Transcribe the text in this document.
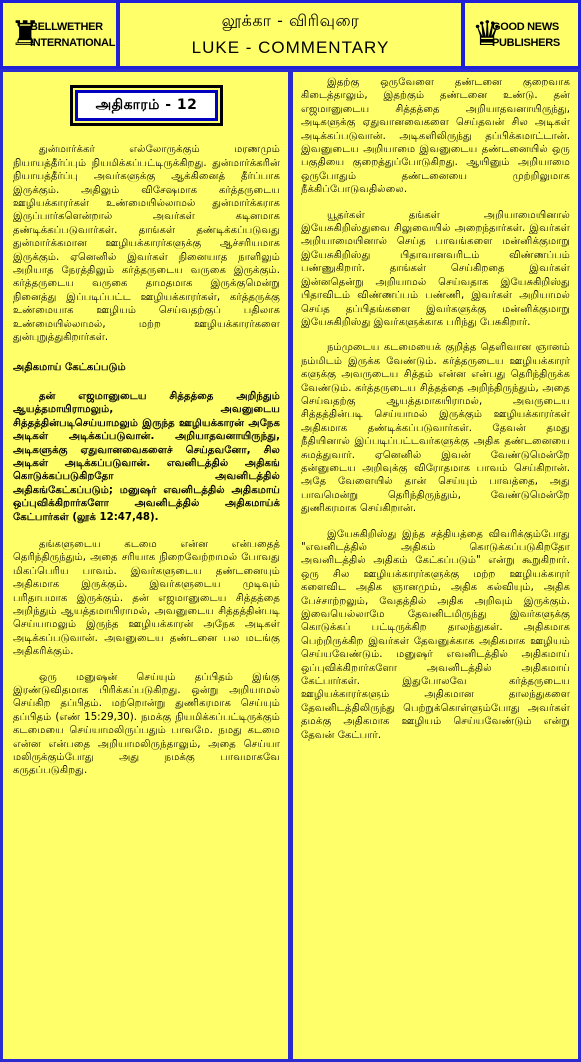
♜
BELLWETHER
INTERNATIONAL
லூக்கா - விரிவுரை
LUKE - COMMENTARY	♛
GOOD NEWS
PUBLISHERS
அதிகாரம் - 12

துன்மார்க்கர் எல்லோருக்கும் மரணமும் நியாயத்தீர்ப்பும் நியமிக்கப்பட்டிருக்கிறது. துன்மார்க்கரின் நியாயத்தீர்ப்பு அவர்களுக்கு ஆக்கினைத் தீர்ப்பாக இருக்கும். அதிலும் விசேஷமாக கர்த்தருடைய ஊழியக்காரர்கள் உண்மையில்லாமல் துன்மார்க்கராக இருப்பார்களென்றால் அவர்கள் கடினமாக தண்டிக்கப்படுவார்கள். தாங்கள் தண்டிக்கப்படுவது துன்மார்க்கமான ஊழியக்காரர்களுக்கு ஆச்சரியமாக இருக்கும். ஏனெனில் இவர்கள் நினையாத நாளிலும் அறியாத நேரத்திலும் கர்த்தருடைய வருகை இருக்கும். கர்த்தருடைய வருகை தாமதமாக இருக்குமென்று நினைத்து இப்படிப்பட்ட ஊழியக்காரர்கள், கர்த்தருக்கு உண்மையாக ஊழியம் செய்வதற்குப் பதிலாக உண்மையில்லாமல், மற்ற ஊழியக்காரர்களை துன்புறுத்துகிறார்கள்.

அதிகமாய் கேட்கப்படும்

தன் எஜமானுடைய சித்தத்தை அறிந்தும் ஆயத்தமாயிராமலும், அவனுடைய சித்தத்தின்படிசெய்யாமலும் இருந்த ஊழியக்காரன் அநேக அடிகள் அடிக்கப்படுவான். அறியாதவனாயிருந்து, அடிகளுக்கு ஏதுவானவைகளைச் செய்தவனோ, சில அடிகள் அடிக்கப்படுவான். எவனிடத்தில் அதிகங் கொடுக்கப்படுகிறதோ அவனிடத்தில் அதிகங்கேட்கப்படும்; மனுஷர் எவனிடத்தில் அதிகமாய் ஒப்புவிக்கிறார்களோ அவனிடத்தில் அதிகமாய்க் கேட்பார்கள் (லூக் 12:47,48).

தங்களுடைய கடமை என்ன என்பதைத் தெரிந்திருந்தும், அதை சரியாக நிறைவேற்றாமல் போவது மிகப்பெரிய பாவம். இவர்களுடைய தண்டனையும் அதிகமாக இருக்கும். இவர்களுடைய முடிவும் பரிதாபமாக இருக்கும். தன் எஜமானுடைய சித்தத்தை அறிந்தும் ஆயத்தமாயிராமல், அவனுடைய சித்தத்தின்படி செய்யாமலும் இருந்த ஊழியக்காரன் அநேக அடிகள் அடிக்கப்படுவான். அவனுடைய தண்டனை பல மடங்கு அதிகரிக்கும்.

ஒரு மனுஷன் செய்யும் தப்பிதம் இங்கு இரண்டுவிதமாக பிரிக்கப்படுகிறது. ஒன்று அறியாமல் செய்கிற தப்பிதம். மற்றொன்று துணிகரமாக செய்யும் தப்பிதம் (எண் 15:29,30). நமக்கு நியமிக்கப்பட்டிருக்கும் கடமையை செய்யாமலிருப்பதும் பாவமே. நமது கடமை என்ன என்பதை அறியாமலிருந்தாலும், அதை செய்யா மலிருக்கும்போது அது நமக்கு பாவமாகவே கருதப்படுகிறது.

இதற்கு ஒருவேளை தண்டனை குறைவாக கிடைத்தாலும், இதற்கும் தண்டனை உண்டு. தன் எஜமானுடைய சித்தத்தை அறியாதவனாயிருந்து, அடிகளுக்கு ஏதுவானவைகளை செய்தவன் சில அடிகள் அடிக்கப்படுவான். அடிகளிலிருந்து தப்பிக்கமாட்டான். இவனுடைய அறியாமை இவனுடைய தண்டனையில் ஒரு பகுதியை குறைத்துப்போடுகிறது. ஆயினும் அறியாமை ஒருபோதும் தண்டனையை முற்றிலுமாக நீக்கிப்போடுவதில்லை.

யூதர்கள் தங்கள் அறியாமையினால் இயேசுகிறிஸ்துவை சிலுவையில் அறைந்தார்கள். இவர்கள் அறியாமையினால் செய்த பாவங்களை மன்னிக்குமாறு இயேசுகிறிஸ்து பிதாவானவரிடம் விண்ணப்பம் பண்ணுகிறார். தாங்கள் செய்கிறதை இவர்கள் இன்னதென்று அறியாமல் செய்வதாக இயேசுகிறிஸ்து பிதாவிடம் விண்ணப்பம் பண்ணி, இவர்கள் அறியாமல் செய்த தப்பிதங்களை இவர்களுக்கு மன்னிக்குமாறு இயேசுகிறிஸ்து இவர்களுக்காக பரிந்து பேசுகிறார்.

நம்முடைய கடமையைக் குறித்த தெளிவான ஞானம் நம்மிடம் இருக்க வேண்டும். கர்த்தருடைய ஊழியக்காரர் களுக்கு அவருடைய சித்தம் என்ன என்பது தெரிந்திருக்க வேண்டும். கர்த்தருடைய சித்தத்தை அறிந்திருந்தும், அதை செய்வதற்கு ஆயத்தமாகயிராமல், அவருடைய சித்தத்தின்படி செய்யாமல் இருக்கும் ஊழியக்காரர்கள் அதிகமாக தண்டிக்கப்படுவார்கள். தேவன் தமது நீதியினால் இப்படிப்பட்டவர்களுக்கு அதிக தண்டனையை சுமத்துவார். ஏனெனில் இவன் வேண்டுமென்றே தன்னுடைய அறிவுக்கு விரோதமாக பாவம் செய்கிறான். அதே வேளையில் தான் செய்யும் பாவத்தை, அது பாவமென்று தெரிந்திருந்தும், வேண்டுமென்றே துணிகரமாக செய்கிறான்.

இயேசுகிறிஸ்து இந்த சத்தியத்தை விவரிக்கும்போது "எவனிடத்தில் அதிகம் கொடுக்கப்படுகிறதோ அவனிடத்தில் அதிகம் கேட்கப்படும்" என்று கூறுகிறார். ஒரு சில ஊழியக்காரர்களுக்கு மற்ற ஊழியக்காரர் களைவிட அதிக ஞானமும், அதிக கல்வியும், அதிக பேச்சாற்றலும், வேதத்தில் அதிக அறிவும் இருக்கும். இவையெல்லாமே தேவனிடமிருந்து இவர்களுக்கு கொடுக்கப் பட்டிருக்கிற தாலந்துகள். அதிகமாக பெற்றிருக்கிற இவர்கள் தேவனுக்காக அதிகமாக ஊழியம் செய்யவேண்டும். மனுஷர் எவனிடத்தில் அதிகமாய் ஒப்புவிக்கிறார்களோ அவனிடத்தில் அதிகமாய் கேட்பார்கள். இதுபோலவே கர்த்தருடைய ஊழியக்காரர்களும் அதிகமான தாலந்துகளை தேவனிடத்திலிருந்து பெற்றுக்கொள்ளும்போது அவர்கள் தமக்கு அதிகமாக ஊழியம் செய்யவேண்டும் என்று தேவன் கேட்பார்.
